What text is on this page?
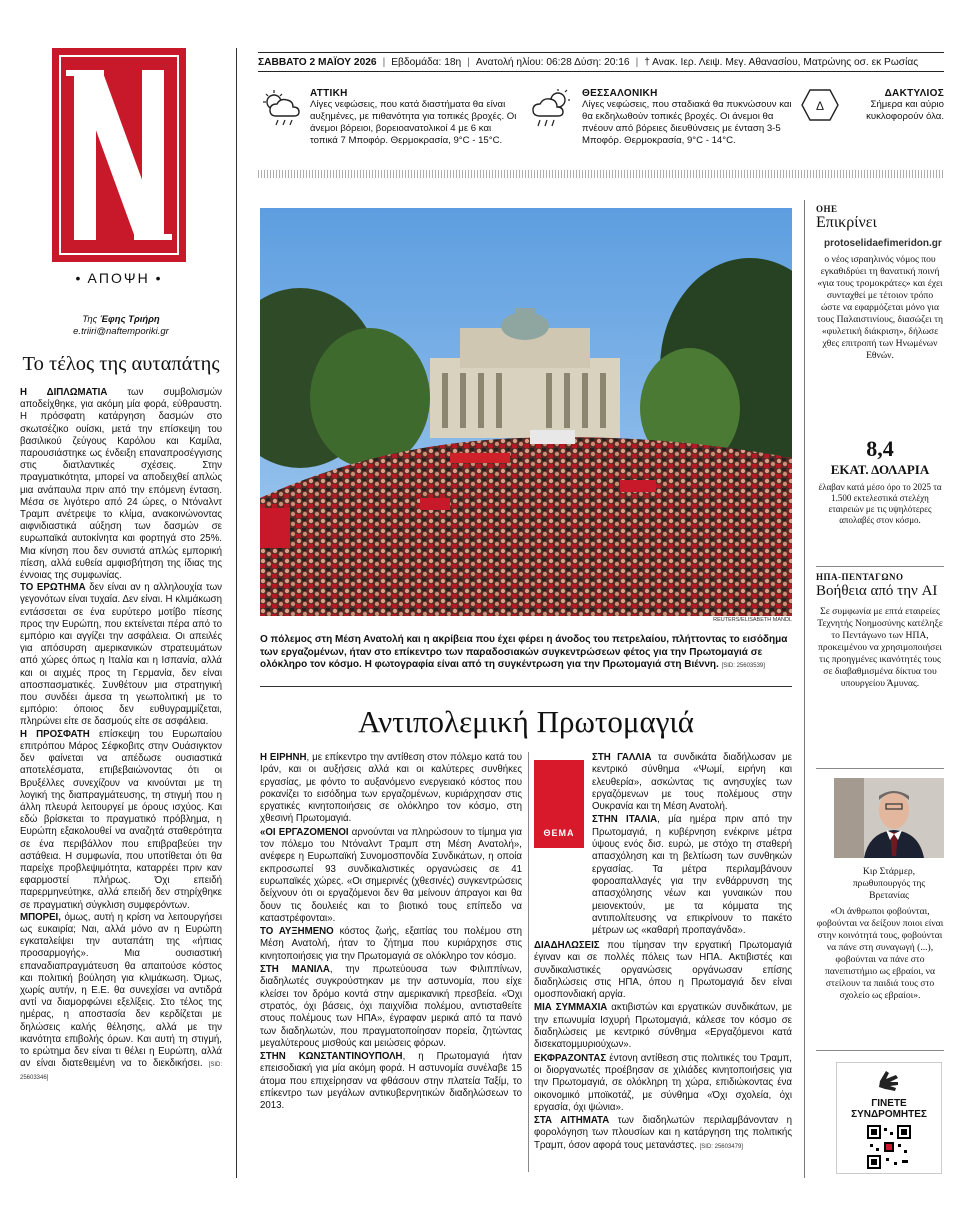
• ΑΠΟΨΗ •
Της Έφης Τριήρη
e.triiri@naftemporiki.gr
Το τέλος της αυταπάτης

Η ΔΙΠΛΩΜΑΤΙΑ των συμβολισμών αποδείχθηκε, για ακόμη μία φορά, εύθραυστη. Η πρόσφατη κατάργηση δασμών στο σκωτσέζικο ουίσκι, μετά την επίσκεψη του βασιλικού ζεύγους Καρόλου και Καμίλα, παρουσιάστηκε ως ένδειξη επαναπροσέγγισης στις διατλαντικές σχέσεις. Στην πραγματικότητα, μπορεί να αποδειχθεί απλώς μια ανάπαυλα πριν από την επόμενη ένταση. Μέσα σε λιγότερο από 24 ώρες, ο Ντόναλντ Τραμπ ανέτρεψε το κλίμα, ανακοινώνοντας αιφνιδιαστικά αύξηση των δασμών σε ευρωπαϊκά αυτοκίνητα και φορτηγά στο 25%. Μια κίνηση που δεν συνιστά απλώς εμπορική πίεση, αλλά ευθεία αμφισβήτηση της ίδιας της έννοιας της συμφωνίας.

ΤΟ ΕΡΩΤΗΜΑ δεν είναι αν η αλληλουχία των γεγονότων είναι τυχαία. Δεν είναι. Η κλιμάκωση εντάσσεται σε ένα ευρύτερο μοτίβο πίεσης προς την Ευρώπη, που εκτείνεται πέρα από το εμπόριο και αγγίζει την ασφάλεια. Οι απειλές για απόσυρση αμερικανικών στρατευμάτων από χώρες όπως η Ιταλία και η Ισπανία, αλλά και οι αιχμές προς τη Γερμανία, δεν είναι αποσπασματικές. Συνθέτουν μια στρατηγική που συνδέει άμεσα τη γεωπολιτική με το εμπόριο: όποιος δεν ευθυγραμμίζεται, πληρώνει είτε σε δασμούς είτε σε ασφάλεια.

Η ΠΡΟΣΦΑΤΗ επίσκεψη του Ευρωπαίου επιτρόπου Μάρος Σέφκοβιτς στην Ουάσιγκτον δεν φαίνεται να απέδωσε ουσιαστικά αποτελέσματα, επιβεβαιώνοντας ότι οι Βρυξέλλες συνεχίζουν να κινούνται με τη λογική της διαπραγμάτευσης, τη στιγμή που η άλλη πλευρά λειτουργεί με όρους ισχύος. Και εδώ βρίσκεται το πραγματικό πρόβλημα, η Ευρώπη εξακολουθεί να αναζητά σταθερότητα σε ένα περιβάλλον που επιβραβεύει την αστάθεια. Η συμφωνία, που υποτίθεται ότι θα παρείχε προβλεψιμότητα, καταρρέει πριν καν εφαρμοστεί πλήρως. Όχι επειδή παρερμηνεύτηκε, αλλά επειδή δεν στηρίχθηκε σε πραγματική σύγκλιση συμφερόντων.

ΜΠΟΡΕΙ, όμως, αυτή η κρίση να λειτουργήσει ως ευκαιρία; Ναι, αλλά μόνο αν η Ευρώπη εγκαταλείψει την αυταπάτη της «ήπιας προσαρμογής». Μια ουσιαστική επαναδιαπραγμάτευση θα απαιτούσε κόστος και πολιτική βούληση για κλιμάκωση. Όμως, χωρίς αυτήν, η Ε.Ε. θα συνεχίσει να αντιδρά αντί να διαμορφώνει εξελίξεις. Στο τέλος της ημέρας, η αποστασία δεν κερδίζεται με δηλώσεις καλής θέλησης, αλλά με την ικανότητα επιβολής όρων. Και αυτή τη στιγμή, το ερώτημα δεν είναι τι θέλει η Ευρώπη, αλλά αν είναι διατεθειμένη να το διεκδικήσει. [SID: 25603346]

ΣΑΒΒΑΤΟ 2 ΜΑΪΟΥ 2026 | Εβδομάδα: 18η | Ανατολή ηλίου: 06:28 Δύση: 20:16 | † Ανακ. Ιερ. Λειψ. Μεγ. Αθανασίου, Ματρώνης οσ. εκ Ρωσίας
ΑΤΤΙΚΗ
Λίγες νεφώσεις, που κατά διαστήματα θα είναι αυξημένες, με πιθανότητα για τοπικές βροχές. Οι άνεμοι βόρειοι, βορειοανατολικοί 4 με 6 και τοπικά 7 Μποφόρ. Θερμοκρασία, 9°C - 15°C.
ΘΕΣΣΑΛΟΝΙΚΗ
Λίγες νεφώσεις, που σταδιακά θα πυκνώσουν και θα εκδηλωθούν τοπικές βροχές. Οι άνεμοι θα πνέουν από βόρειες διευθύνσεις με ένταση 3-5 Μποφόρ. Θερμοκρασία, 9°C - 14°C.
Δ
ΔΑΚΤΥΛΙΟΣ
Σήμερα και αύριο κυκλοφορούν όλα.
REUTERS/ELISABETH MANDL
Ο πόλεμος στη Μέση Ανατολή και η ακρίβεια που έχει φέρει η άνοδος του πετρελαίου, πλήττοντας το εισόδημα των εργαζομένων, ήταν στο επίκεντρο των παραδοσιακών συγκεντρώσεων φέτος για την Πρωτομαγιά σε ολόκληρο τον κόσμο. Η φωτογραφία είναι από τη συγκέντρωση για την Πρωτομαγιά στη Βιέννη. [SID: 25603539]
Αντιπολεμική Πρωτομαγιά

Η ΕΙΡΗΝΗ, με επίκεντρο την αντίθεση στον πόλεμο κατά του Ιράν, και οι αυξήσεις αλλά και οι καλύτερες συνθήκες εργασίας, με φόντο το αυξανόμενο ενεργειακό κόστος που ροκανίζει το εισόδημα των εργαζομένων, κυριάρχησαν στις εργατικές κινητοποιήσεις σε ολόκληρο τον κόσμο, στη χθεσινή Πρωτομαγιά.

«ΟΙ ΕΡΓΑΖΟΜΕΝΟΙ αρνούνται να πληρώσουν το τίμημα για τον πόλεμο του Ντόναλντ Τραμπ στη Μέση Ανατολή», ανέφερε η Ευρωπαϊκή Συνομοσπονδία Συνδικάτων, η οποία εκπροσωπεί 93 συνδικαλιστικές οργανώσεις σε 41 ευρωπαϊκές χώρες. «Οι σημερινές (χθεσινές) συγκεντρώσεις δείχνουν ότι οι εργαζόμενοι δεν θα μείνουν άπραγοι και θα δουν τις δουλειές και το βιοτικό τους επίπεδο να καταστρέφονται».

ΤΟ ΑΥΞΗΜΕΝΟ κόστος ζωής, εξαιτίας του πολέμου στη Μέση Ανατολή, ήταν το ζήτημα που κυριάρχησε στις κινητοποιήσεις για την Πρωτομαγιά σε ολόκληρο τον κόσμο.

ΣΤΗ ΜΑΝΙΛΑ, την πρωτεύουσα των Φιλιππίνων, διαδηλωτές συγκρούστηκαν με την αστυνομία, που είχε κλείσει τον δρόμο κοντά στην αμερικανική πρεσβεία. «Όχι στρατός, όχι βάσεις, όχι παιχνίδια πολέμου, αντισταθείτε στους πολέμους των ΗΠΑ», έγραφαν μερικά από τα πανό των διαδηλωτών, που πραγματοποίησαν πορεία, ζητώντας μεγαλύτερους μισθούς και μειώσεις φόρων.

ΣΤΗΝ ΚΩΝΣΤΑΝΤΙΝΟΥΠΟΛΗ, η Πρωτομαγιά ήταν επεισοδιακή για μία ακόμη φορά. Η αστυνομία συνέλαβε 15 άτομα που επιχείρησαν να φθάσουν στην πλατεία Ταξίμ, το επίκεντρο των μεγάλων αντικυβερνητικών διαδηλώσεων το 2013.

ΘΕΜΑ

ΣΤΗ ΓΑΛΛΙΑ τα συνδικάτα διαδήλωσαν με κεντρικό σύνθημα «Ψωμί, ειρήνη και ελευθερία», ασκώντας τις ανησυχίες των εργαζόμενων με τους πολέμους στην Ουκρανία και τη Μέση Ανατολή.

ΣΤΗΝ ΙΤΑΛΙΑ, μία ημέρα πριν από την Πρωτομαγιά, η κυβέρνηση ενέκρινε μέτρα ύψους ενός δισ. ευρώ, με στόχο τη σταθερή απασχόληση και τη βελτίωση των συνθηκών εργασίας. Τα μέτρα περιλαμβάνουν φοροαπαλλαγές για την ενθάρρυνση της απασχόλησης νέων και γυναικών που μειονεκτούν, με τα κόμματα της αντιπολίτευσης να επικρίνουν το πακέτο μέτρων ως «καθαρή προπαγάνδα».

ΔΙΑΔΗΛΩΣΕΙΣ που τίμησαν την εργατική Πρωτομαγιά έγιναν και σε πολλές πόλεις των ΗΠΑ. Ακτιβιστές και συνδικαλιστικές οργανώσεις οργάνωσαν επίσης διαδηλώσεις στις ΗΠΑ, όπου η Πρωτομαγιά δεν είναι ομοσπονδιακή αργία.

ΜΙΑ ΣΥΜΜΑΧΙΑ ακτιβιστών και εργατικών συνδικάτων, με την επωνυμία Ισχυρή Πρωτομαγιά, κάλεσε τον κόσμο σε διαδηλώσεις με κεντρικό σύνθημα «Εργαζόμενοι κατά δισεκατομμυριούχων».

ΕΚΦΡΑΖΟΝΤΑΣ έντονη αντίθεση στις πολιτικές του Τραμπ, οι διοργανωτές προέβησαν σε χιλιάδες κινητοποιήσεις για την Πρωτομαγιά, σε ολόκληρη τη χώρα, επιδιώκοντας ένα οικονομικό μποϊκοτάζ, με σύνθημα «Όχι σχολεία, όχι εργασία, όχι ψώνια».

ΣΤΑ ΑΙΤΗΜΑΤΑ των διαδηλωτών περιλαμβάνονταν η φορολόγηση των πλουσίων και η κατάργηση της πολιτικής Τραμπ, όσον αφορά τους μετανάστες. [SID: 25603479]

ΟΗΕ
Επικρίνει
ο νέος ισραηλινός νόμος που εγκαθιδρύει τη θανατική ποινή «για τους τρομοκράτες» και έχει συνταχθεί με τέτοιον τρόπο ώστε να εφαρμόζεται μόνο για τους Παλαιστινίους, διασώζει τη «φυλετική διάκριση», δήλωσε χθες επιτροπή των Ηνωμένων Εθνών.
protoselidaefimeridon.gr
8,4
ΕΚΑΤ. ΔΟΛΑΡΙΑ
έλαβαν κατά μέσο όρο το 2025 τα 1.500 εκτελεστικά στελέχη εταιρειών με τις υψηλότερες απολαβές στον κόσμο.
ΗΠΑ-ΠΕΝΤΑΓΩΝΟ
Βοήθεια από την AI
Σε συμφωνία με επτά εταιρείες Τεχνητής Νοημοσύνης κατέληξε το Πεντάγωνο των ΗΠΑ, προκειμένου να χρησιμοποιήσει τις προηγμένες ικανότητές τους σε διαβαθμισμένα δίκτυα του υπουργείου Άμυνας.
Κιρ Στάρμερ, πρωθυπουργός της Βρετανίας
«Οι άνθρωποι φοβούνται, φοβούνται να δείξουν ποιοι είναι στην κοινότητά τους, φοβούνται να πάνε στη συναγωγή (...), φοβούνται να πάνε στο πανεπιστήμιο ως εβραίοι, να στείλουν τα παιδιά τους στο σχολείο ως εβραίοι».
ΓΙΝΕΤΕ ΣΥΝΔΡΟΜΗΤΕΣ
